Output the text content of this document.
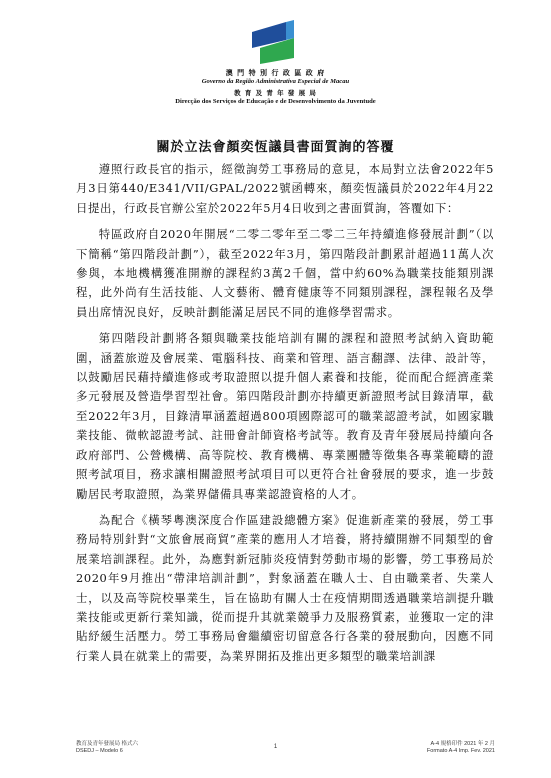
澳 門 特 別 行 政 區 政 府
Governo da Região Administrativa Especial de Macau
教 育 及 青 年 發 展 局
Direcção dos Serviços de Educação e de Desenvolvimento da Juventude
關於立法會顏奕恆議員書面質詢的答覆

遵照行政長官的指示，經徵詢勞工事務局的意見，本局對立法會2022年5月3日第440/E341/VII/GPAL/2022號函轉來，顏奕恆議員於2022年4月22日提出，行政長官辦公室於2022年5月4日收到之書面質詢，答覆如下：

特區政府自2020年開展“二零二零年至二零二三年持續進修發展計劃”（以下簡稱“第四階段計劃”），截至2022年3月，第四階段計劃累計超過11萬人次參與，本地機構獲准開辦的課程約3萬2千個，當中約60%為職業技能類別課程，此外尚有生活技能、人文藝術、體育健康等不同類別課程，課程報名及學員出席情況良好，反映計劃能滿足居民不同的進修學習需求。

第四階段計劃將各類與職業技能培訓有關的課程和證照考試納入資助範圍，涵蓋旅遊及會展業、電腦科技、商業和管理、語言翻譯、法律、設計等，以鼓勵居民藉持續進修或考取證照以提升個人素養和技能，從而配合經濟產業多元發展及營造學習型社會。第四階段計劃亦持續更新證照考試目錄清單，截至2022年3月，目錄清單涵蓋超過800項國際認可的職業認證考試，如國家職業技能、微軟認證考試、註冊會計師資格考試等。教育及青年發展局持續向各政府部門、公營機構、高等院校、教育機構、專業團體等徵集各專業範疇的證照考試項目，務求讓相關證照考試項目可以更符合社會發展的要求，進一步鼓勵居民考取證照，為業界儲備具專業認證資格的人才。

為配合《橫琴粵澳深度合作區建設總體方案》促進新產業的發展，勞工事務局特別針對“文旅會展商貿”產業的應用人才培養，將持續開辦不同類型的會展業培訓課程。此外，為應對新冠肺炎疫情對勞動市場的影響，勞工事務局於2020年9月推出“帶津培訓計劃”，對象涵蓋在職人士、自由職業者、失業人士，以及高等院校畢業生，旨在協助有關人士在疫情期間透過職業培訓提升職業技能或更新行業知識，從而提升其就業競爭力及服務質素，並獲取一定的津貼紓緩生活壓力。勞工事務局會繼續密切留意各行各業的發展動向，因應不同行業人員在就業上的需要，為業界開拓及推出更多類型的職業培訓課

教育及青年發展局 格式六
DSEDJ – Modelo 6
1	A-4 規格印件 2021 年 2 月
Formato A-4 Imp. Fev. 2021
